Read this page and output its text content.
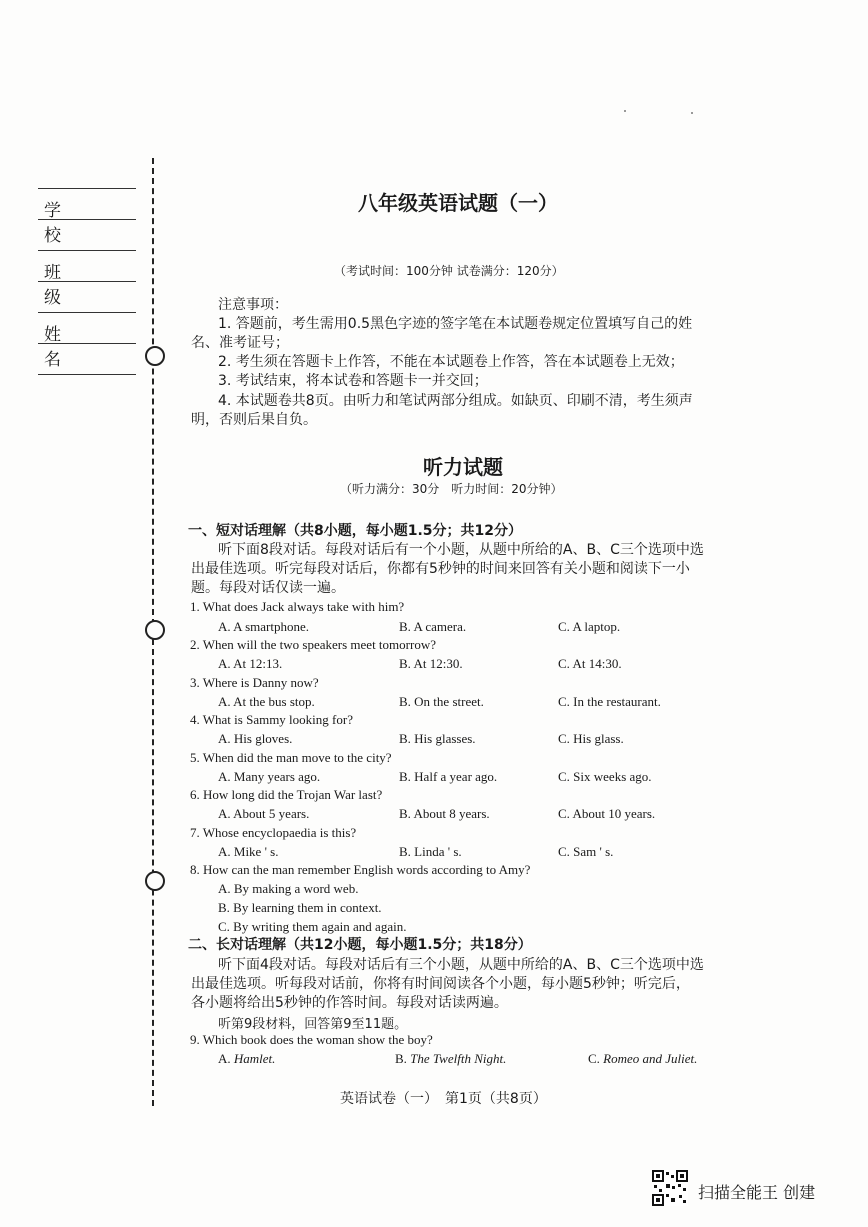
学 校
班 级
姓 名
八年级英语试题（一）
（考试时间：100分钟 试卷满分：120分）
注意事项：
1. 答题前，考生需用0.5黑色字迹的签字笔在本试题卷规定位置填写自己的姓
名、准考证号；
2. 考生须在答题卡上作答，不能在本试题卷上作答，答在本试题卷上无效；
3. 考试结束，将本试卷和答题卡一并交回；
4. 本试题卷共8页。由听力和笔试两部分组成。如缺页、印刷不清，考生须声
明，否则后果自负。
听力试题
（听力满分：30分　听力时间：20分钟）
一、短对话理解（共8小题，每小题1.5分；共12分）
听下面8段对话。每段对话后有一个小题，从题中所给的A、B、C三个选项中选
出最佳选项。听完每段对话后，你都有5秒钟的时间来回答有关小题和阅读下一小
题。每段对话仅读一遍。
1. What does Jack always take with him?
A. A smartphone.	B. A camera.	C. A laptop.
2. When will the two speakers meet tomorrow?
A. At 12:13.	B. At 12:30.	C. At 14:30.
3. Where is Danny now?
A. At the bus stop.	B. On the street.	C. In the restaurant.
4. What is Sammy looking for?
A. His gloves.	B. His glasses.	C. His glass.
5. When did the man move to the city?
A. Many years ago.	B. Half a year ago.	C. Six weeks ago.
6. How long did the Trojan War last?
A. About 5 years.	B. About 8 years.	C. About 10 years.
7. Whose encyclopaedia is this?
A. Mike ' s.	B. Linda ' s.	C. Sam ' s.
8. How can the man remember English words according to Amy?
A. By making a word web.
B. By learning them in context.
C. By writing them again and again.
二、长对话理解（共12小题，每小题1.5分；共18分）
听下面4段对话。每段对话后有三个小题，从题中所给的A、B、C三个选项中选
出最佳选项。听每段对话前，你将有时间阅读各个小题，每小题5秒钟；听完后，
各小题将给出5秒钟的作答时间。每段对话读两遍。
听第9段材料，回答第9至11题。
9. Which book does the woman show the boy?
A. Hamlet.	B. The Twelfth Night.	C. Romeo and Juliet.
英语试卷（一）　第1页（共8页）
扫描全能王 创建
